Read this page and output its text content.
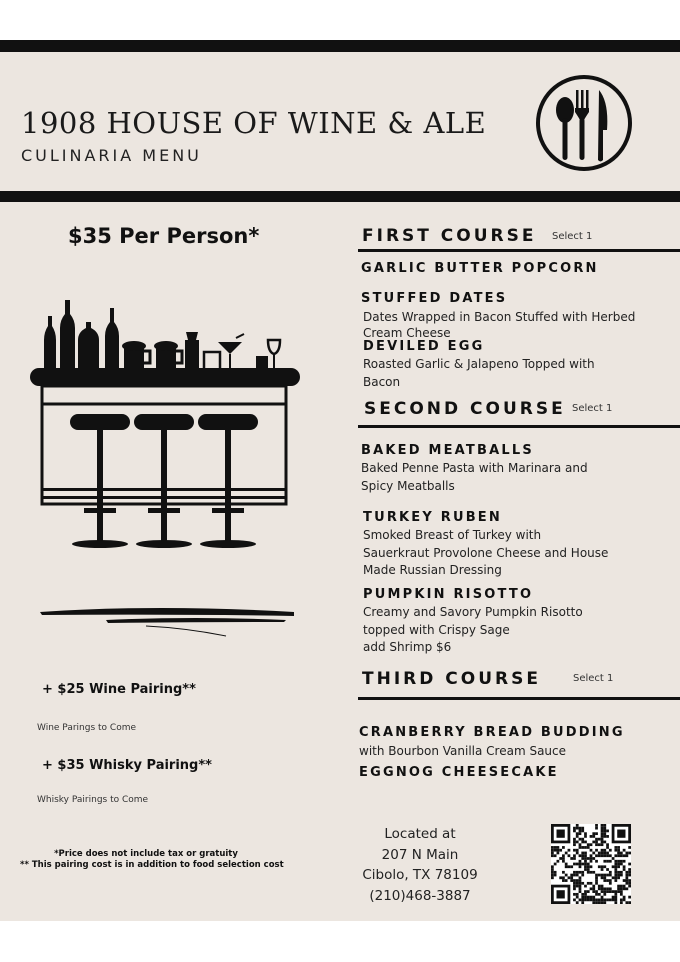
1908 HOUSE OF WINE & ALE
CULINARIA MENU
$35 Per Person*
+ $25 Wine Pairing**
Wine Parings to Come
+ $35 Whisky Pairing**
Whisky Pairings to Come
*Price does not include tax or gratuity
** This pairing cost is in addition to food selection cost
FIRST COURSE Select 1
GARLIC BUTTER POPCORN
STUFFED DATES
Dates Wrapped in Bacon Stuffed with Herbed
Cream Cheese
DEVILED EGG
Roasted Garlic & Jalapeno Topped with
Bacon
SECOND COURSE Select 1
BAKED MEATBALLS
Baked Penne Pasta with Marinara and
Spicy Meatballs
TURKEY RUBEN
Smoked Breast of Turkey with
Sauerkraut Provolone Cheese and House
Made Russian Dressing
PUMPKIN RISOTTO
Creamy and Savory Pumpkin Risotto
topped with Crispy Sage
add Shrimp $6
THIRD COURSE	Select 1
CRANBERRY BREAD BUDDING
with Bourbon Vanilla Cream Sauce
EGGNOG CHEESECAKE
Located at
207 N Main
Cibolo, TX 78109
(210)468-3887
